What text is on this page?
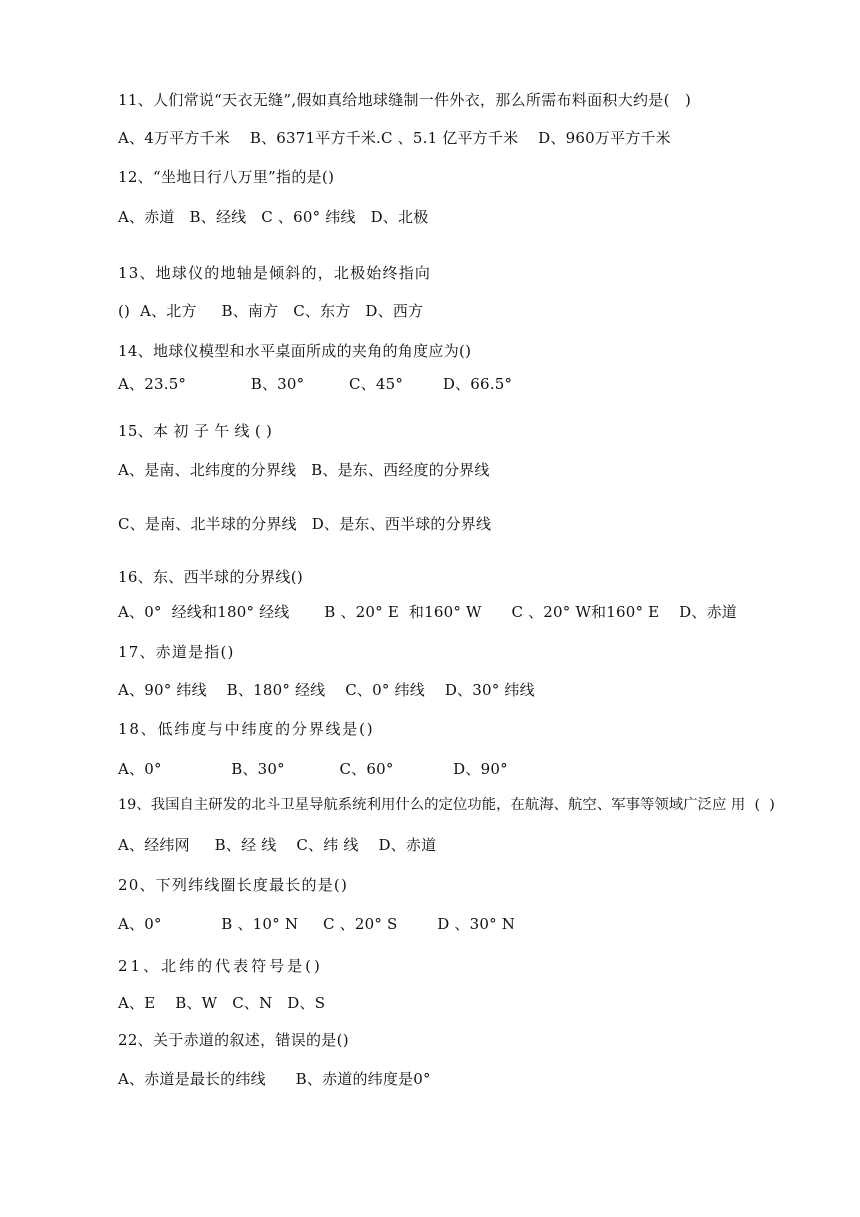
11、人们常说“天衣无缝”,假如真给地球缝制一件外衣，那么所需布料面积大约是(   )
A、4万平方千米    B、6371平方千米.C 、5.1 亿平方千米    D、960万平方千米
12、“坐地日行八万里”指的是()
A、赤道   B、经线   C 、60° 纬线   D、北极
13、地球仪的地轴是倾斜的，北极始终指向
()  A、北方     B、南方   C、东方   D、西方
14、地球仪模型和水平桌面所成的夹角的角度应为()
A、23.5°             B、30°         C、45°        D、66.5°
15、本 初 子 午 线 ( )
A、是南、北纬度的分界线   B、是东、西经度的分界线
C、是南、北半球的分界线   D、是东、西半球的分界线
16、东、西半球的分界线()
A、0°  经线和180° 经线       B 、20° E  和160° W      C 、20° W和160° E    D、赤道
17、赤道是指()
A、90° 纬线    B、180° 经线    C、0° 纬线    D、30° 纬线
18、低纬度与中纬度的分界线是()
A、0°              B、30°           C、60°            D、90°
19、我国自主研发的北斗卫星导航系统利用什么的定位功能，在航海、航空、军事等领域广泛应 用  (  )
A、经纬网     B、经 线    C、纬 线    D、赤道
20、下列纬线圈长度最长的是()
A、0°            B 、10° N     C 、20° S        D 、30° N
21、北纬的代表符号是()
A、E    B、W   C、N   D、S
22、关于赤道的叙述，错误的是()
A、赤道是最长的纬线      B、赤道的纬度是0°
